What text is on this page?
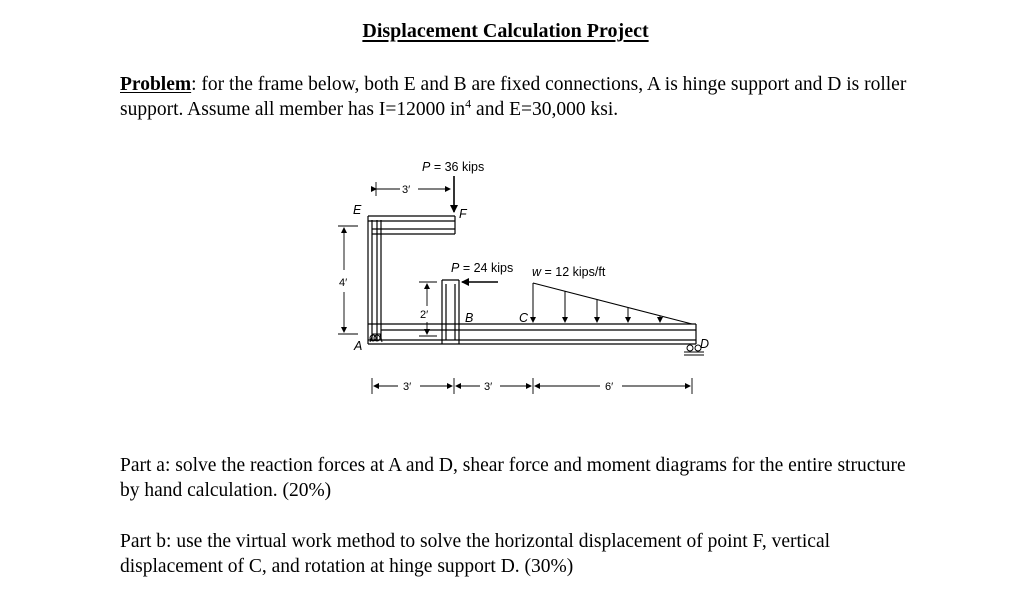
Displacement Calculation Project
Problem: for the frame below, both E and B are fixed connections, A is hinge support and D is roller support. Assume all member has I=12000 $in^4$ and E=30,000 ksi.
P = 36 kips
3′
4′
2′
P = 24 kips w = 12 kips/ft
E	F
A
B	C
D
3′	3′	6′
Part a: solve the reaction forces at A and D, shear force and moment diagrams for the entire structure by hand calculation. (20%)
Part b: use the virtual work method to solve the horizontal displacement of point F, vertical displacement of C, and rotation at hinge support D. (30%)
